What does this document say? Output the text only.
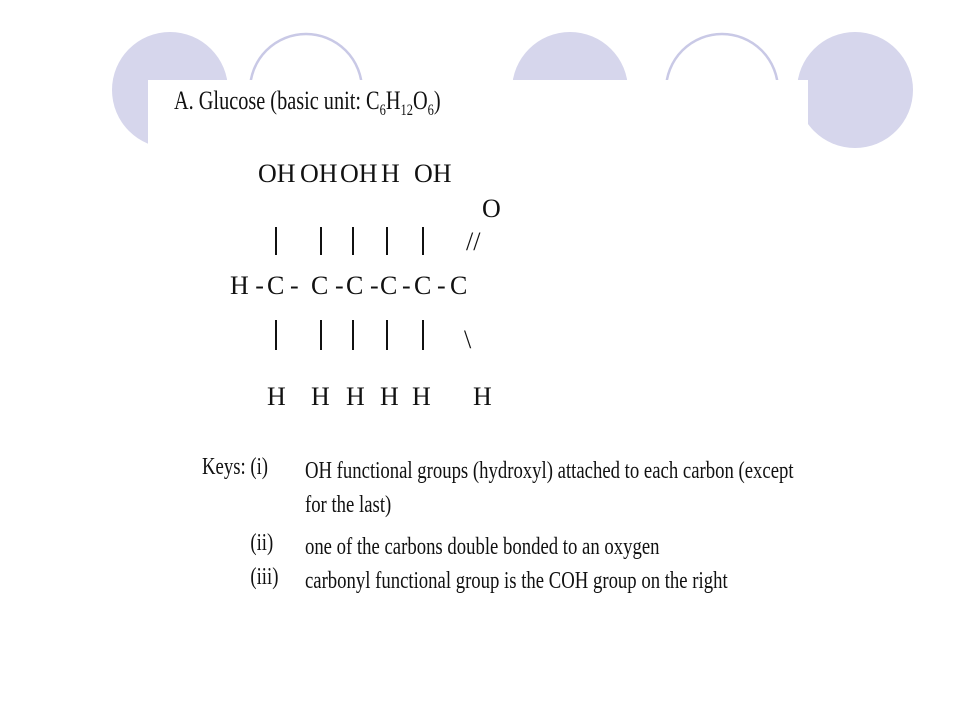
A. Glucose (basic unit: $C_6H_{12}O_6$)
OH OH OH H OH
O
//
H - C - C - C - C - C - C
\
H H H H H H
Keys: (i) OH functional groups (hydroxyl) attached to each carbon (except for the last)
(ii) one of the carbons double bonded to an oxygen
(iii) carbonyl functional group is the COH group on the right
